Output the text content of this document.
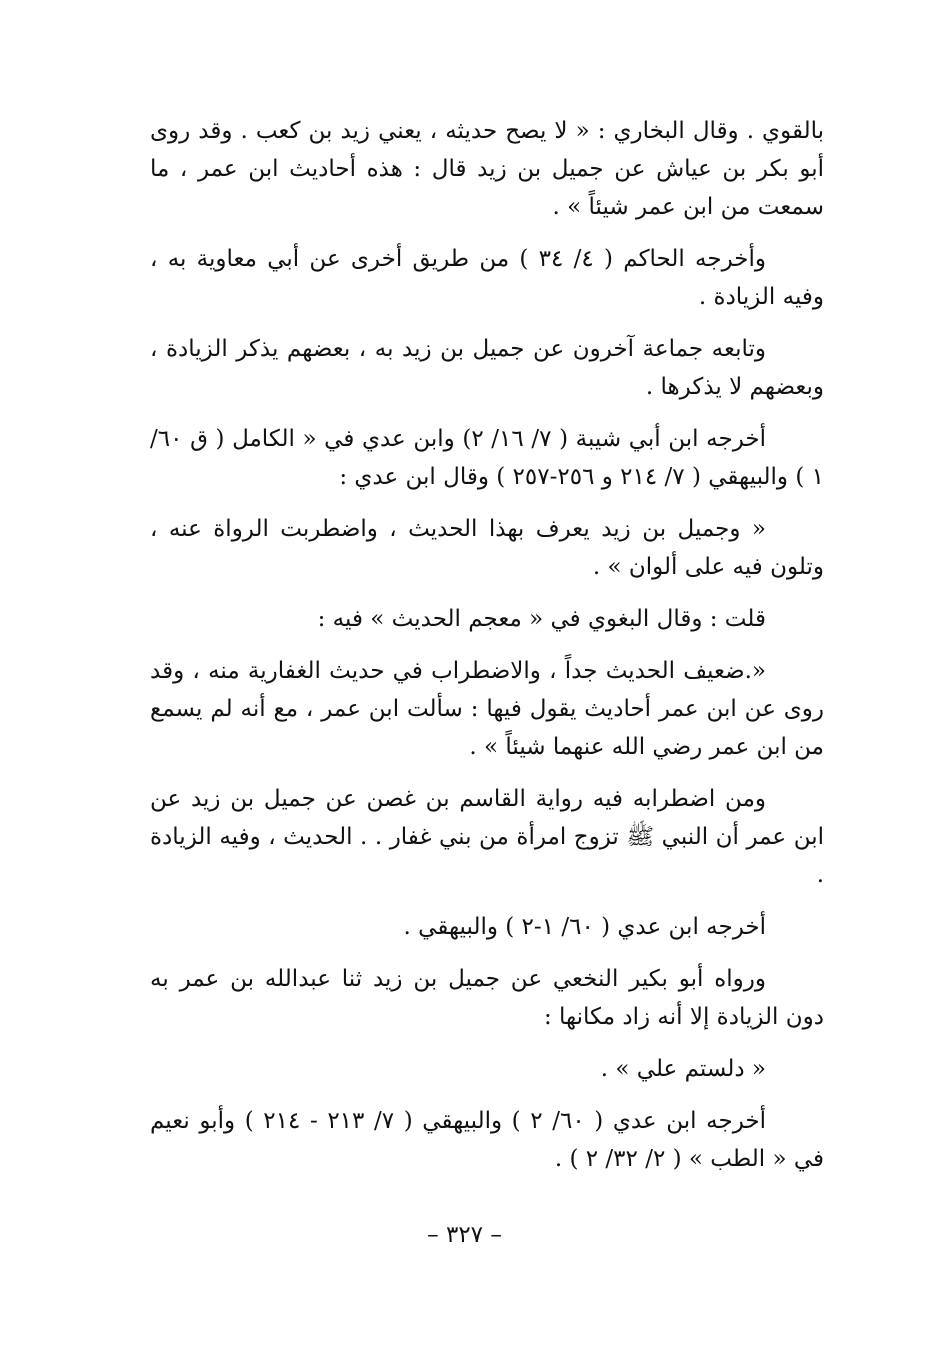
بالقوي . وقال البخاري : « لا يصح حديثه ، يعني زيد بن كعب . وقد روى أبو بكر بن عياش عن جميل بن زيد قال : هذه أحاديث ابن عمر ، ما سمعت من ابن عمر شيئاً » .

وأخرجه الحاكم ( ٤/ ٣٤ ) من طريق أخرى عن أبي معاوية به ، وفيه الزيادة .

وتابعه جماعة آخرون عن جميل بن زيد به ، بعضهم يذكر الزيادة ، وبعضهم لا يذكرها .

أخرجه ابن أبي شيبة ( ٧/ ١٦/ ٢) وابن عدي في « الكامل ( ق ٦٠/ ١ ) والبيهقي ( ٧/ ٢١٤ و ٢٥٦-٢٥٧ ) وقال ابن عدي :

« وجميل بن زيد يعرف بهذا الحديث ، واضطربت الرواة عنه ، وتلون فيه على ألوان » .

قلت : وقال البغوي في « معجم الحديث » فيه :

«.ضعيف الحديث جداً ، والاضطراب في حديث الغفارية منه ، وقد روى عن ابن عمر أحاديث يقول فيها : سألت ابن عمر ، مع أنه لم يسمع من ابن عمر رضي الله عنهما شيئاً » .

ومن اضطرابه فيه رواية القاسم بن غصن عن جميل بن زيد عن ابن عمر أن النبي ﷺ تزوج امرأة من بني غفار . . الحديث ، وفيه الزيادة .

أخرجه ابن عدي ( ٦٠/ ١-٢ ) والبيهقي .

ورواه أبو بكير النخعي عن جميل بن زيد ثنا عبدالله بن عمر به دون الزيادة إلا أنه زاد مكانها :

« دلستم علي » .

أخرجه ابن عدي ( ٦٠/ ٢ ) والبيهقي ( ٧/ ٢١٣ - ٢١٤ ) وأبو نعيم في « الطب » ( ٢/ ٣٢/ ٢ ) .

– ٣٢٧ –
